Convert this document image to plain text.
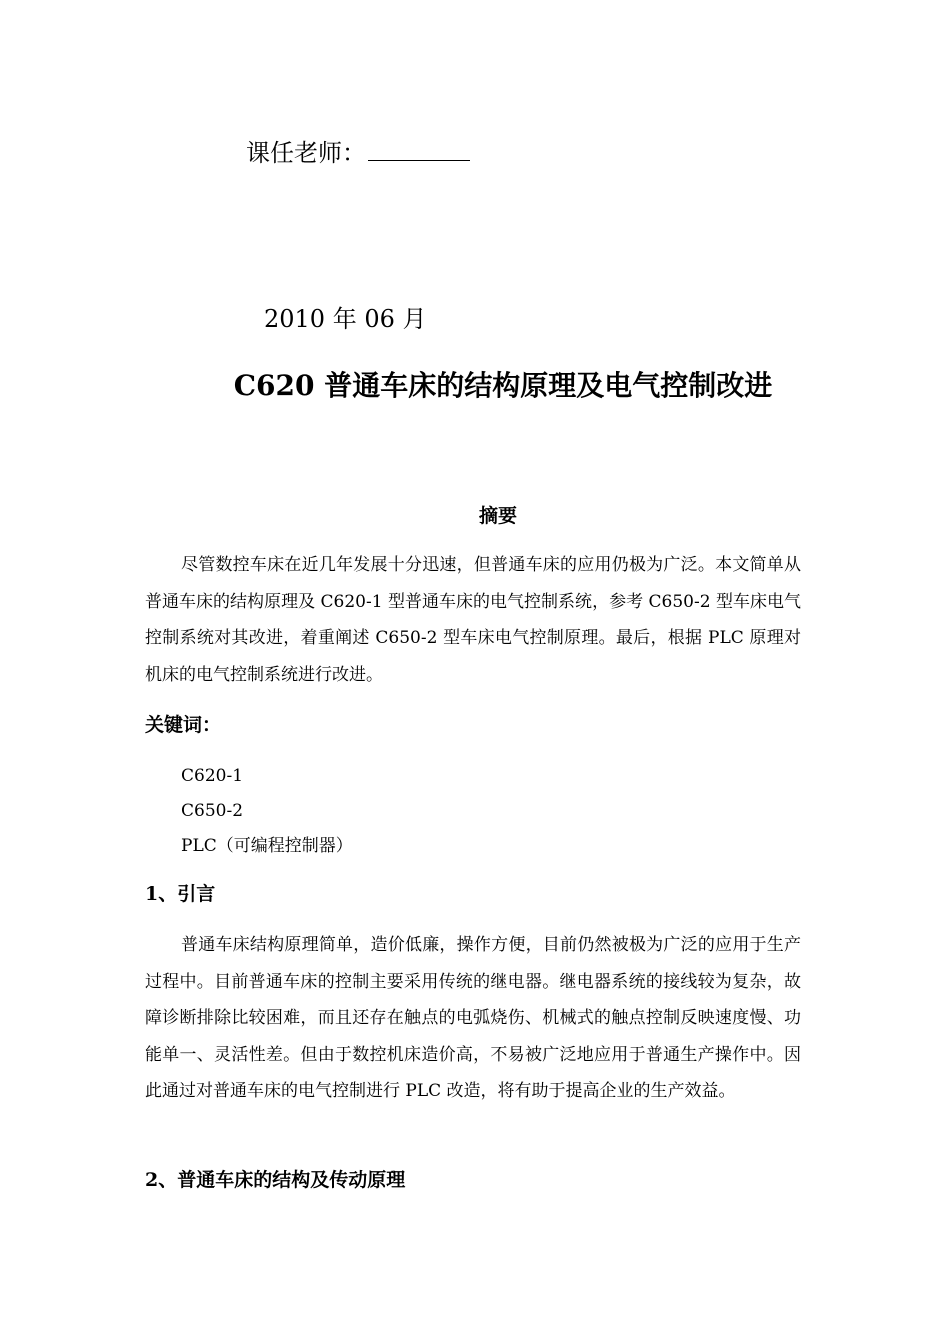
课任老师：
2010 年 06 月
C620 普通车床的结构原理及电气控制改进
摘要
尽管数控车床在近几年发展十分迅速，但普通车床的应用仍极为广泛。本文简单从普通车床的结构原理及 C620-1 型普通车床的电气控制系统，参考 C650-2 型车床电气控制系统对其改进，着重阐述 C650-2 型车床电气控制原理。最后，根据 PLC 原理对机床的电气控制系统进行改进。
关键词：
C620-1
C650-2
PLC（可编程控制器）
1、引言
普通车床结构原理简单，造价低廉，操作方便，目前仍然被极为广泛的应用于生产过程中。目前普通车床的控制主要采用传统的继电器。继电器系统的接线较为复杂，故障诊断排除比较困难，而且还存在触点的电弧烧伤、机械式的触点控制反映速度慢、功能单一、灵活性差。但由于数控机床造价高，不易被广泛地应用于普通生产操作中。因此通过对普通车床的电气控制进行 PLC 改造，将有助于提高企业的生产效益。
2、普通车床的结构及传动原理
